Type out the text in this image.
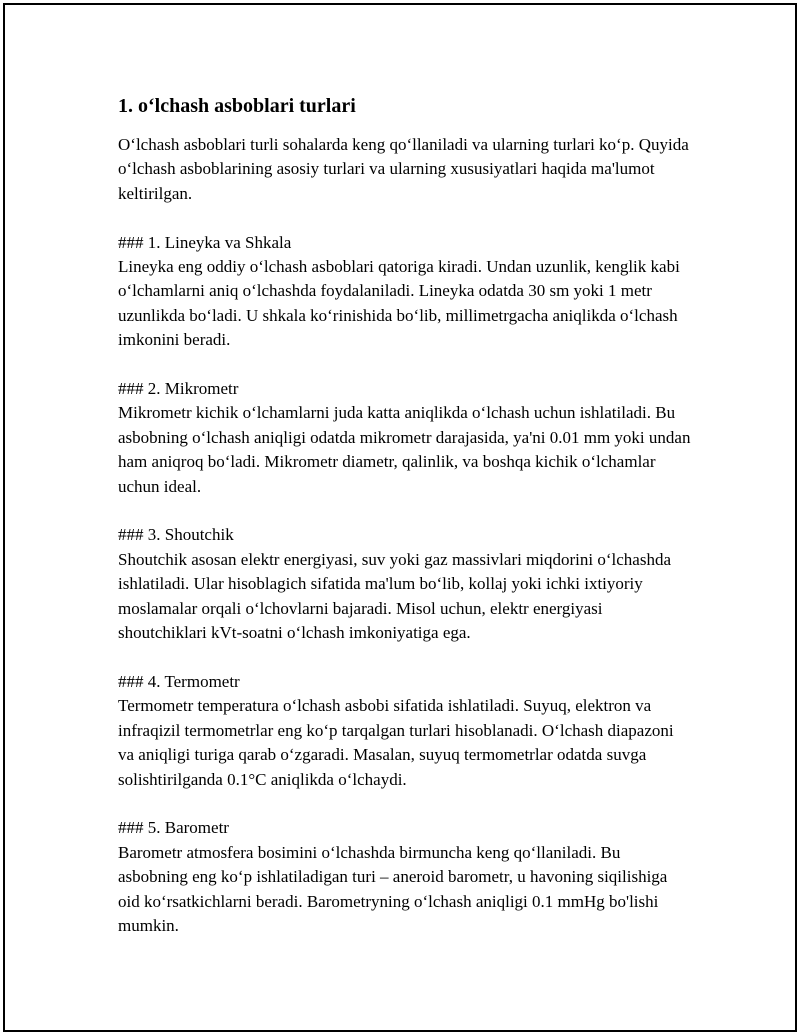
1. o‘lchash asboblari turlari

O‘lchash asboblari turli sohalarda keng qo‘llaniladi va ularning turlari ko‘p. Quyida o‘lchash asboblarining asosiy turlari va ularning xususiyatlari haqida ma'lumot keltirilgan.

### 1. Lineyka va Shkala

Lineyka eng oddiy o‘lchash asboblari qatoriga kiradi. Undan uzunlik, kenglik kabi o‘lchamlarni aniq o‘lchashda foydalaniladi. Lineyka odatda 30 sm yoki 1 metr uzunlikda bo‘ladi. U shkala ko‘rinishida bo‘lib, millimetrgacha aniqlikda o‘lchash imkonini beradi.

### 2. Mikrometr

Mikrometr kichik o‘lchamlarni juda katta aniqlikda o‘lchash uchun ishlatiladi. Bu asbobning o‘lchash aniqligi odatda mikrometr darajasida, ya'ni 0.01 mm yoki undan ham aniqroq bo‘ladi. Mikrometr diametr, qalinlik, va boshqa kichik o‘lchamlar uchun ideal.

### 3. Shoutchik

Shoutchik asosan elektr energiyasi, suv yoki gaz massivlari miqdorini o‘lchashda ishlatiladi. Ular hisoblagich sifatida ma'lum bo‘lib, kollaj yoki ichki ixtiyoriy moslamalar orqali o‘lchovlarni bajaradi. Misol uchun, elektr energiyasi shoutchiklari kVt-soatni o‘lchash imkoniyatiga ega.

### 4. Termometr

Termometr temperatura o‘lchash asbobi sifatida ishlatiladi. Suyuq, elektron va infraqizil termometrlar eng ko‘p tarqalgan turlari hisoblanadi. O‘lchash diapazoni va aniqligi turiga qarab o‘zgaradi. Masalan, suyuq termometrlar odatda suvga solishtirilganda 0.1°C aniqlikda o‘lchaydi.

### 5. Barometr

Barometr atmosfera bosimini o‘lchashda birmuncha keng qo‘llaniladi. Bu asbobning eng ko‘p ishlatiladigan turi – aneroid barometr, u havoning siqilishiga oid ko‘rsatkichlarni beradi. Barometryning o‘lchash aniqligi 0.1 mmHg bo'lishi mumkin.
